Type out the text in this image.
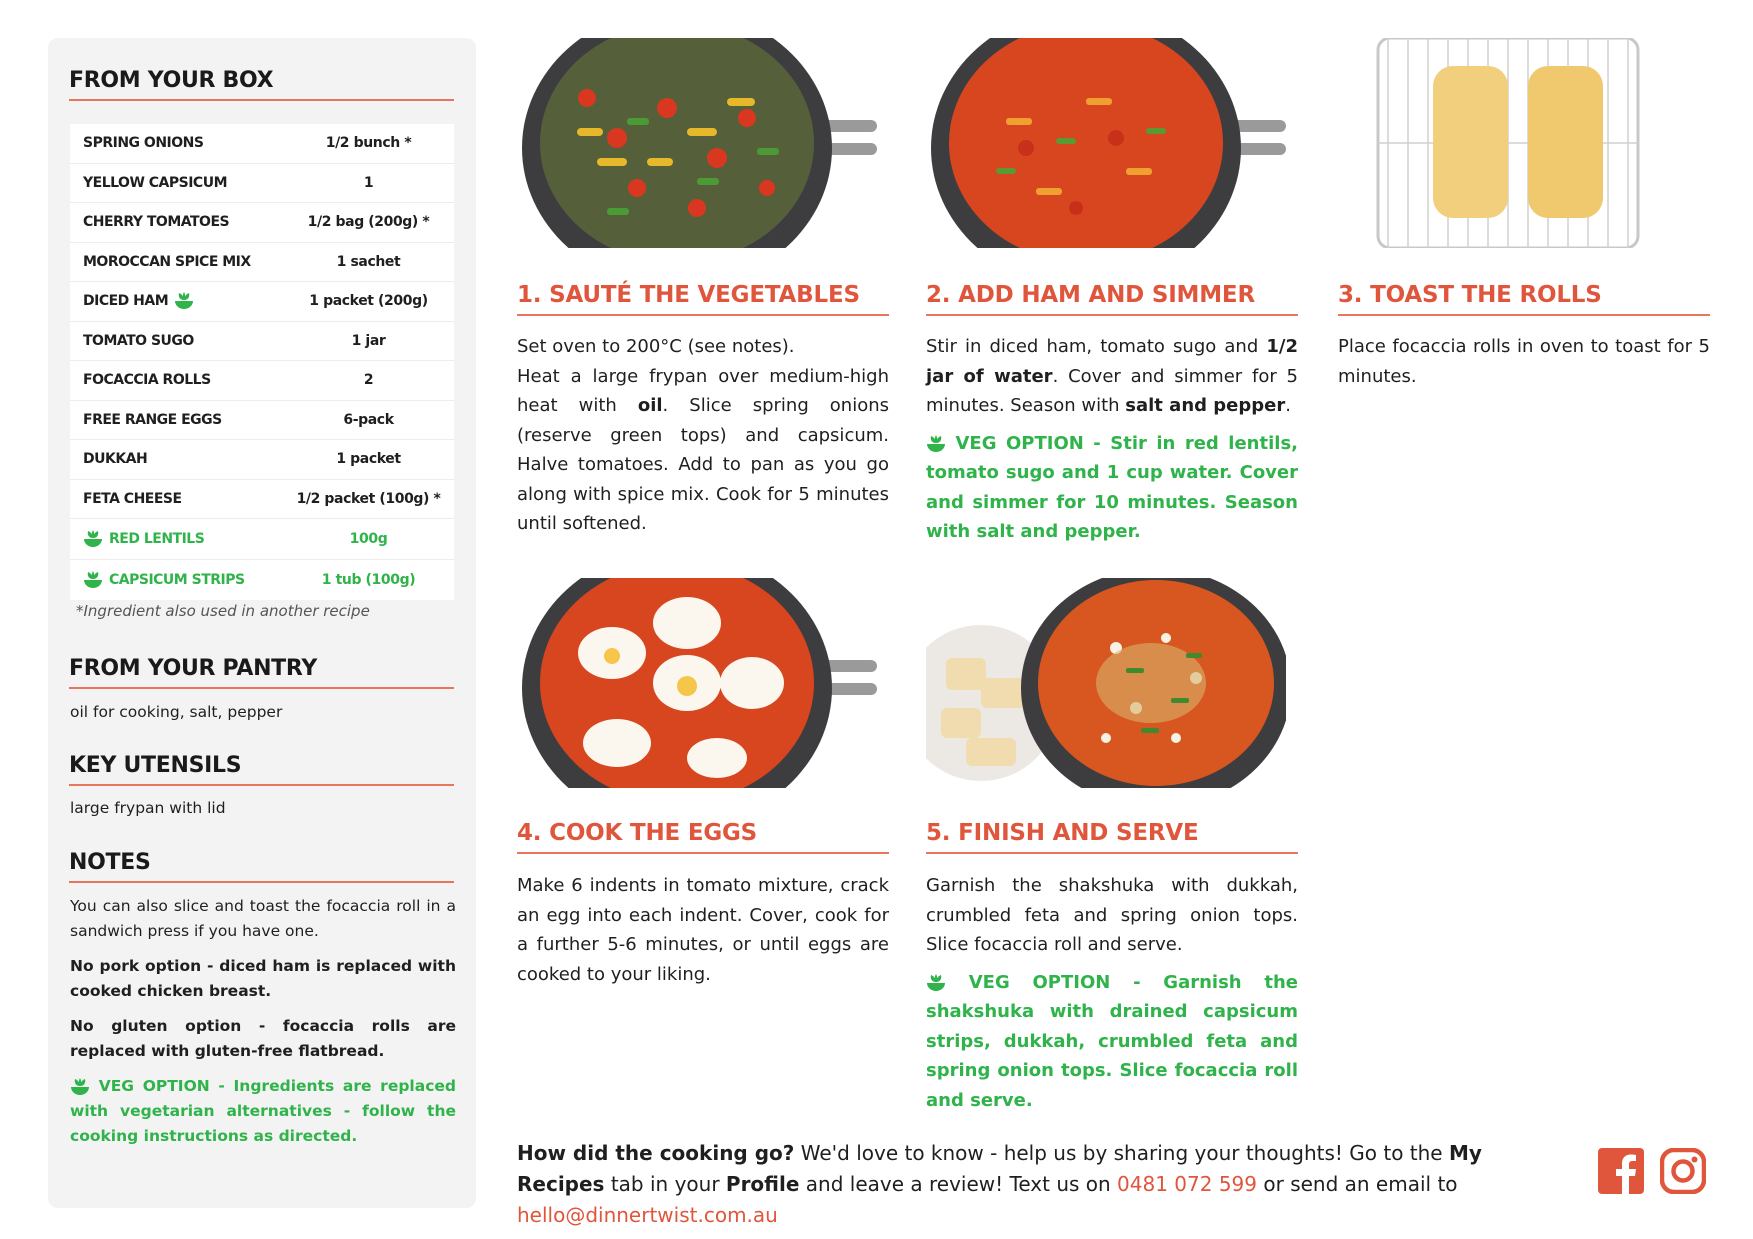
FROM YOUR BOX
SPRING ONIONS	1/2 bunch *
YELLOW CAPSICUM	1
CHERRY TOMATOES	1/2 bag (200g) *
MOROCCAN SPICE MIX	1 sachet
DICED HAM	1 packet (200g)
TOMATO SUGO	1 jar
FOCACCIA ROLLS	2
FREE RANGE EGGS	6-pack
DUKKAH	1 packet
FETA CHEESE	1/2 packet (100g) *
RED LENTILS	100g
CAPSICUM STRIPS	1 tub (100g)
*Ingredient also used in another recipe
FROM YOUR PANTRY
oil for cooking, salt, pepper
KEY UTENSILS
large frypan with lid
NOTES

You can also slice and toast the focaccia roll in a sandwich press if you have one.

No pork option - diced ham is replaced with cooked chicken breast.

No gluten option - focaccia rolls are replaced with gluten-free flatbread.

VEG OPTION - Ingredients are replaced with vegetarian alternatives - follow the cooking instructions as directed.

1. SAUTÉ THE VEGETABLES
Set oven to 200°C (see notes).
Heat a large frypan over medium-high heat with oil. Slice spring onions (reserve green tops) and capsicum. Halve tomatoes. Add to pan as you go along with spice mix. Cook for 5 minutes until softened.
2. ADD HAM AND SIMMER
Stir in diced ham, tomato sugo and 1/2 jar of water. Cover and simmer for 5 minutes. Season with salt and pepper.
VEG OPTION - Stir in red lentils, tomato sugo and 1 cup water. Cover and simmer for 10 minutes. Season with salt and pepper.
3. TOAST THE ROLLS
Place focaccia rolls in oven to toast for 5 minutes.
4. COOK THE EGGS
Make 6 indents in tomato mixture, crack an egg into each indent. Cover, cook for a further 5-6 minutes, or until eggs are cooked to your liking.
5. FINISH AND SERVE
Garnish the shakshuka with dukkah, crumbled feta and spring onion tops. Slice focaccia roll and serve.
VEG OPTION - Garnish the shakshuka with drained capsicum strips, dukkah, crumbled feta and spring onion tops. Slice focaccia roll and serve.
How did the cooking go? We'd love to know - help us by sharing your thoughts! Go to the My Recipes tab in your Profile and leave a review! Text us on 0481 072 599 or send an email to hello@dinnertwist.com.au
